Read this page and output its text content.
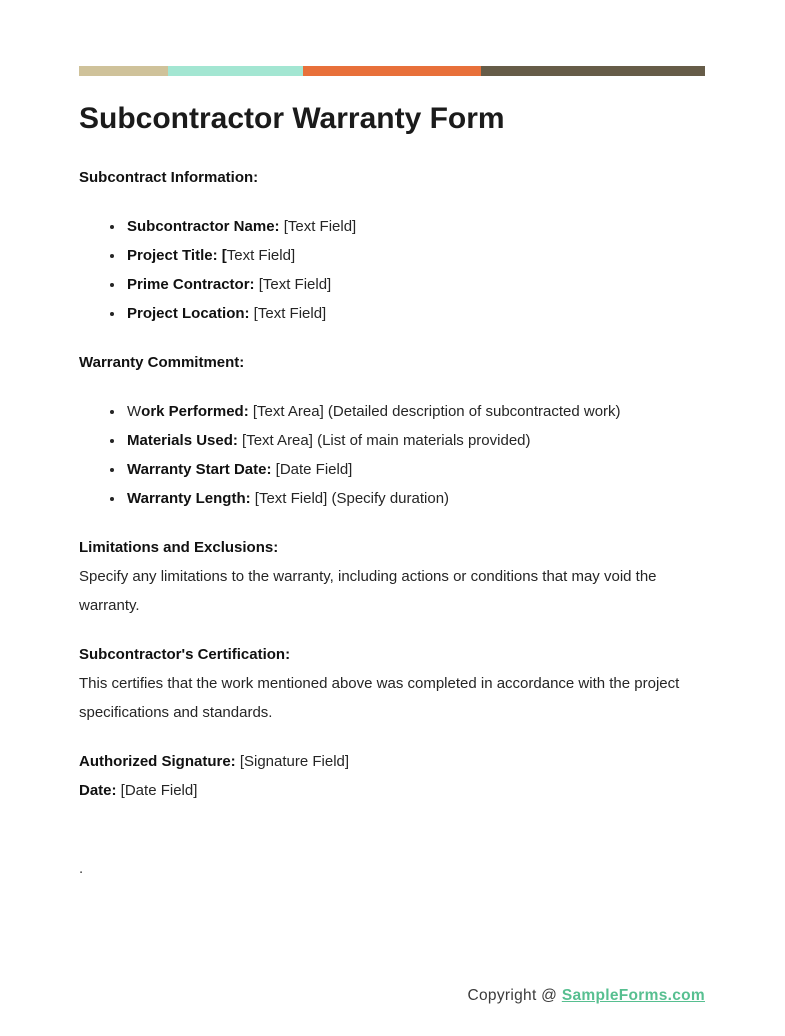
Subcontractor Warranty Form
Subcontract Information:
• Subcontractor Name: [Text Field]
• Project Title: [Text Field]
• Prime Contractor: [Text Field]
• Project Location: [Text Field]
Warranty Commitment:
• Work Performed: [Text Area] (Detailed description of subcontracted work)
• Materials Used: [Text Area] (List of main materials provided)
• Warranty Start Date: [Date Field]
• Warranty Length: [Text Field] (Specify duration)
Limitations and Exclusions:

Specify any limitations to the warranty, including actions or conditions that may void the warranty.

Subcontractor's Certification:

This certifies that the work mentioned above was completed in accordance with the project specifications and standards.

Authorized Signature: [Signature Field]

Date: [Date Field]

.

Copyright @ SampleForms.com
